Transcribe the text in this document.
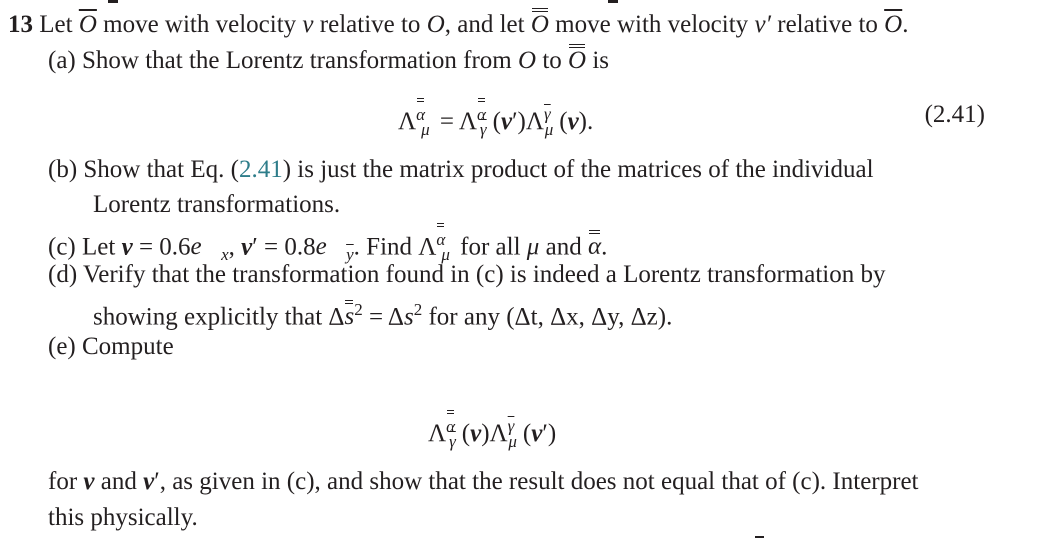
13 Let $\overline{O}$ move with velocity v relative to O, and let O move with velocity v′ relative to $\overline{O}$.
(a) Show that the Lorentz transformation from O to O is
$\Lambda^\alpha_\mu = \Lambda^\alpha_{\overline{\gamma}}$ $(v')\Lambda^{\overline{\gamma}}_\mu$ (v).	(2.41)
(b) Show that Eq. (2.41) is just the matrix product of the matrices of the individual
Lorentz transformations.
(c) Let $v = 0.6e⃗_x$, $v' = 0.8e⃗_{\overline{y}}$. Find $\Lambda^\alpha_\mu$ for all μ and α.
(d) Verify that the transformation found in (c) is indeed a Lorentz transformation by
showing explicitly that $\Delta s^2 = \Delta s^2$ for any (Δt, Δx, Δy, Δz).
(e) Compute
$\Lambda^\alpha_{\overline{\gamma}}$ $(v)\Lambda^{\overline{\gamma}}_\mu$ (v′)
for v and v′, as given in (c), and show that the result does not equal that of (c). Interpret
this physically.
